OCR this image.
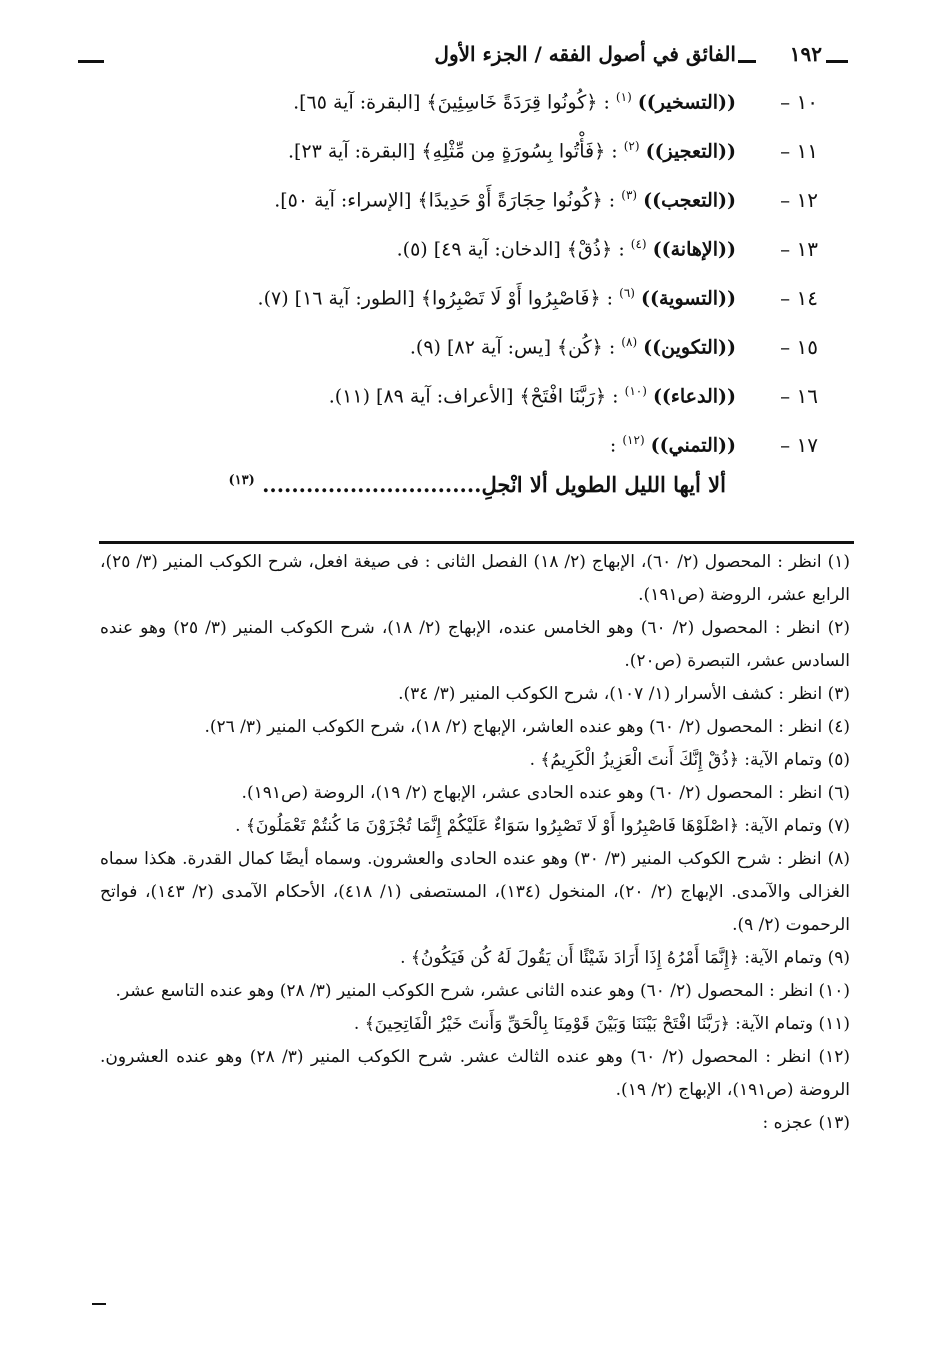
١٩٢
الفائق في أصول الفقه / الجزء الأول
١٠ –
((التسخير)) $^{(١)}$ : ﴿كُونُوا قِرَدَةً خَاسِئِينَ﴾ [البقرة: آية ٦٥].
١١ –
((التعجيز)) $^{(٢)}$ : ﴿فَأْتُوا بِسُورَةٍ مِن مِّثْلِهِ﴾ [البقرة: آية ٢٣].
١٢ –
((التعجب)) $^{(٣)}$ : ﴿كُونُوا حِجَارَةً أَوْ حَدِيدًا﴾ [الإسراء: آية ٥٠].
١٣ –
((الإهانة)) $^{(٤)}$ : ﴿ذُقْ﴾ [الدخان: آية ٤٩] (٥).
١٤ –
((التسوية)) $^{(٦)}$ : ﴿فَاصْبِرُوا أَوْ لَا تَصْبِرُوا﴾ [الطور: آية ١٦] (٧).
١٥ –
((التكوين)) $^{(٨)}$ : ﴿كُن﴾ [يس: آية ٨٢] (٩).
١٦ –
((الدعاء)) $^{(١٠)}$ : ﴿رَبَّنَا افْتَحْ﴾ [الأعراف: آية ٨٩] (١١).
١٧ –
((التمني)) $^{(١٢)}$ :
ألا أيها الليل الطويل ألا انْجلِ.............................. $^{(١٣)}$

(١) انظر : المحصول (٢/ ٦٠)، الإبهاج (٢/ ١٨) الفصل الثانى : فى صيغة افعل، شرح الكوكب المنير (٣/ ٢٥)، الرابع عشر، الروضة (ص١٩١).

(٢) انظر : المحصول (٢/ ٦٠) وهو الخامس عنده، الإبهاج (٢/ ١٨)، شرح الكوكب المنير (٣/ ٢٥) وهو عنده السادس عشر، التبصرة (ص٢٠).

(٣) انظر : كشف الأسرار (١/ ١٠٧)، شرح الكوكب المنير (٣/ ٣٤).

(٤) انظر : المحصول (٢/ ٦٠) وهو عنده العاشر، الإبهاج (٢/ ١٨)، شرح الكوكب المنير (٣/ ٢٦).

(٥) وتمام الآية: ﴿ذُقْ إِنَّكَ أَنتَ الْعَزِيزُ الْكَرِيمُ﴾ .

(٦) انظر : المحصول (٢/ ٦٠) وهو عنده الحادى عشر، الإبهاج (٢/ ١٩)، الروضة (ص١٩١).

(٧) وتمام الآية: ﴿اصْلَوْهَا فَاصْبِرُوا أَوْ لَا تَصْبِرُوا سَوَاءٌ عَلَيْكُمْ إِنَّمَا تُجْزَوْنَ مَا كُنتُمْ تَعْمَلُونَ﴾ .

(٨) انظر : شرح الكوكب المنير (٣/ ٣٠) وهو عنده الحادى والعشرون. وسماه أيضًا كمال القدرة. هكذا سماه الغزالى والآمدى. الإبهاج (٢/ ٢٠)، المنخول (١٣٤)، المستصفى (١/ ٤١٨)، الأحكام الآمدى (٢/ ١٤٣)، فواتح الرحموت (٢/ ٩).

(٩) وتمام الآية: ﴿إِنَّمَا أَمْرُهُ إِذَا أَرَادَ شَيْئًا أَن يَقُولَ لَهُ كُن فَيَكُونُ﴾ .

(١٠) انظر : المحصول (٢/ ٦٠) وهو عنده الثانى عشر، شرح الكوكب المنير (٣/ ٢٨) وهو عنده التاسع عشر.

(١١) وتمام الآية: ﴿رَبَّنَا افْتَحْ بَيْنَنَا وَبَيْنَ قَوْمِنَا بِالْحَقِّ وَأَنتَ خَيْرُ الْفَاتِحِينَ﴾ .

(١٢) انظر : المحصول (٢/ ٦٠) وهو عنده الثالث عشر. شرح الكوكب المنير (٣/ ٢٨) وهو عنده العشرون. الروضة (ص١٩١)، الإبهاج (٢/ ١٩).

(١٣) عجزه :
